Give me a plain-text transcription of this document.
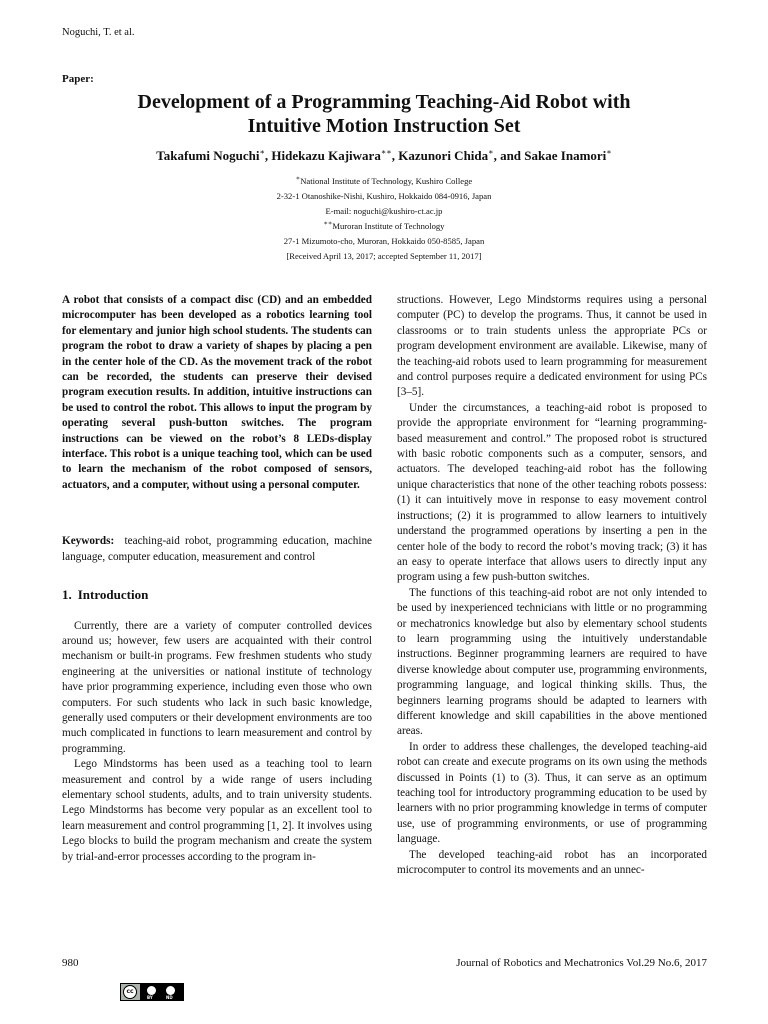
Noguchi, T. et al.
Paper:
Development of a Programming Teaching-Aid Robot with
Intuitive Motion Instruction Set
Takafumi Noguchi∗, Hidekazu Kajiwara∗∗, Kazunori Chida∗, and Sakae Inamori∗
∗National Institute of Technology, Kushiro College
2-32-1 Otanoshike-Nishi, Kushiro, Hokkaido 084-0916, Japan
E-mail: noguchi@kushiro-ct.ac.jp
∗∗Muroran Institute of Technology
27-1 Mizumoto-cho, Muroran, Hokkaido 050-8585, Japan
[Received April 13, 2017; accepted September 11, 2017]

A robot that consists of a compact disc (CD) and an embedded microcomputer has been developed as a robotics learning tool for elementary and junior high school students. The students can program the robot to draw a variety of shapes by placing a pen in the center hole of the CD. As the movement track of the robot can be recorded, the students can preserve their devised program execution results. In addition, intuitive instructions can be used to control the robot. This allows to input the program by operating several push-button switches. The program instructions can be viewed on the robot’s 8 LEDs-display interface. This robot is a unique teaching tool, which can be used to learn the mechanism of the robot composed of sensors, actuators, and a computer, without using a personal computer.

Keywords: teaching-aid robot, programming education, machine language, computer education, measurement and control

1. Introduction

Currently, there are a variety of computer controlled devices around us; however, few users are acquainted with their control mechanism or built-in programs. Few freshmen students who study engineering at the universities or national institute of technology have prior programming experience, including even those who own computers. For such students who lack in such basic knowledge, generally used computers or their development environments are too much complicated in functions to learn measurement and control by programming.

Lego Mindstorms has been used as a teaching tool to learn measurement and control by a wide range of users including elementary school students, adults, and to train university students. Lego Mindstorms has become very popular as an excellent tool to learn measurement and control programming [1, 2]. It involves using Lego blocks to build the program mechanism and create the system by trial-and-error processes according to the program in-

structions. However, Lego Mindstorms requires using a personal computer (PC) to develop the programs. Thus, it cannot be used in classrooms or to train students unless the appropriate PCs or program development environment are available. Likewise, many of the teaching-aid robots used to learn programming for measurement and control purposes require a dedicated environment for using PCs [3–5].

Under the circumstances, a teaching-aid robot is proposed to provide the appropriate environment for “learning programming-based measurement and control.” The proposed robot is structured with basic robotic components such as a computer, sensors, and actuators. The developed teaching-aid robot has the following unique characteristics that none of the other teaching robots possess: (1) it can intuitively move in response to easy movement control instructions; (2) it is programmed to allow learners to intuitively understand the programmed operations by inserting a pen in the center hole of the body to record the robot’s moving track; (3) it has an easy to operate interface that allows users to directly input any program using a few push-button switches.

The functions of this teaching-aid robot are not only intended to be used by inexperienced technicians with little or no programming or mechatronics knowledge but also by elementary school students to learn programming using the intuitively understandable instructions. Beginner programming learners are required to have diverse knowledge about computer use, programming environments, programming language, and logical thinking skills. Thus, the beginners learning programs should be adapted to learners with different knowledge and skill capabilities in the above mentioned areas.

In order to address these challenges, the developed teaching-aid robot can create and execute programs on its own using the methods discussed in Points (1) to (3). Thus, it can serve as an optimum teaching tool for introductory programming education to be used by learners with no prior programming knowledge in terms of computer use, use of programming environments, or use of programming language.

The developed teaching-aid robot has an incorporated microcomputer to control its movements and an unnec-

980	Journal of Robotics and Mechatronics Vol.29 No.6, 2017
cc
BY	ND
